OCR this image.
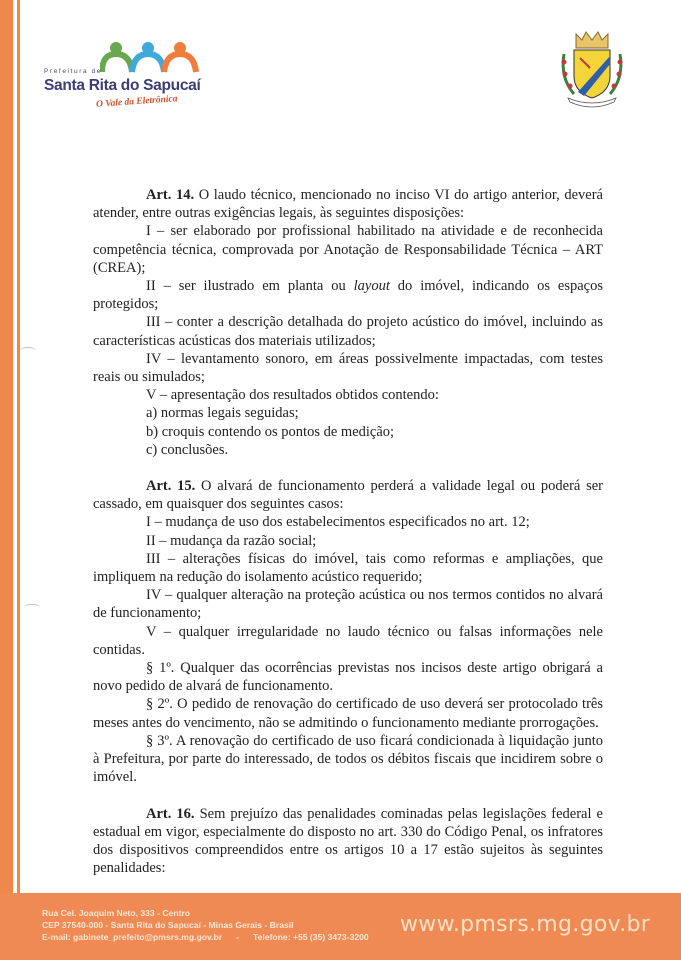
Prefeitura de
Santa Rita do Sapucaí
O Vale da Eletrônica

Art. 14. O laudo técnico, mencionado no inciso VI do artigo anterior, deverá atender, entre outras exigências legais, às seguintes disposições:

I – ser elaborado por profissional habilitado na atividade e de reconhecida competência técnica, comprovada por Anotação de Responsabilidade Técnica – ART (CREA);

II – ser ilustrado em planta ou layout do imóvel, indicando os espaços protegidos;

III – conter a descrição detalhada do projeto acústico do imóvel, incluindo as características acústicas dos materiais utilizados;

IV – levantamento sonoro, em áreas possivelmente impactadas, com testes reais ou simulados;

V – apresentação dos resultados obtidos contendo:

a) normas legais seguidas;

b) croquis contendo os pontos de medição;

c) conclusões.

Art. 15. O alvará de funcionamento perderá a validade legal ou poderá ser cassado, em quaisquer dos seguintes casos:

I – mudança de uso dos estabelecimentos especificados no art. 12;

II – mudança da razão social;

III – alterações físicas do imóvel, tais como reformas e ampliações, que impliquem na redução do isolamento acústico requerido;

IV – qualquer alteração na proteção acústica ou nos termos contidos no alvará de funcionamento;

V – qualquer irregularidade no laudo técnico ou falsas informações nele contidas.

§ 1º. Qualquer das ocorrências previstas nos incisos deste artigo obrigará a novo pedido de alvará de funcionamento.

§ 2º. O pedido de renovação do certificado de uso deverá ser protocolado três meses antes do vencimento, não se admitindo o funcionamento mediante prorrogações.

§ 3º. A renovação do certificado de uso ficará condicionada à liquidação junto à Prefeitura, por parte do interessado, de todos os débitos fiscais que incidirem sobre o imóvel.

Art. 16. Sem prejuízo das penalidades cominadas pelas legislações federal e estadual em vigor, especialmente do disposto no art. 330 do Código Penal, os infratores dos dispositivos compreendidos entre os artigos 10 a 17 estão sujeitos às seguintes penalidades:

Rua Cel. Joaquim Neto, 333 - Centro
CEP 37540-000 - Santa Rita do Sapucaí - Minas Gerais - Brasil
E-mail: gabinete_prefeito@pmsrs.mg.gov.br - Telefone: +55 (35) 3473-3200 www.pmsrs.mg.gov.br
